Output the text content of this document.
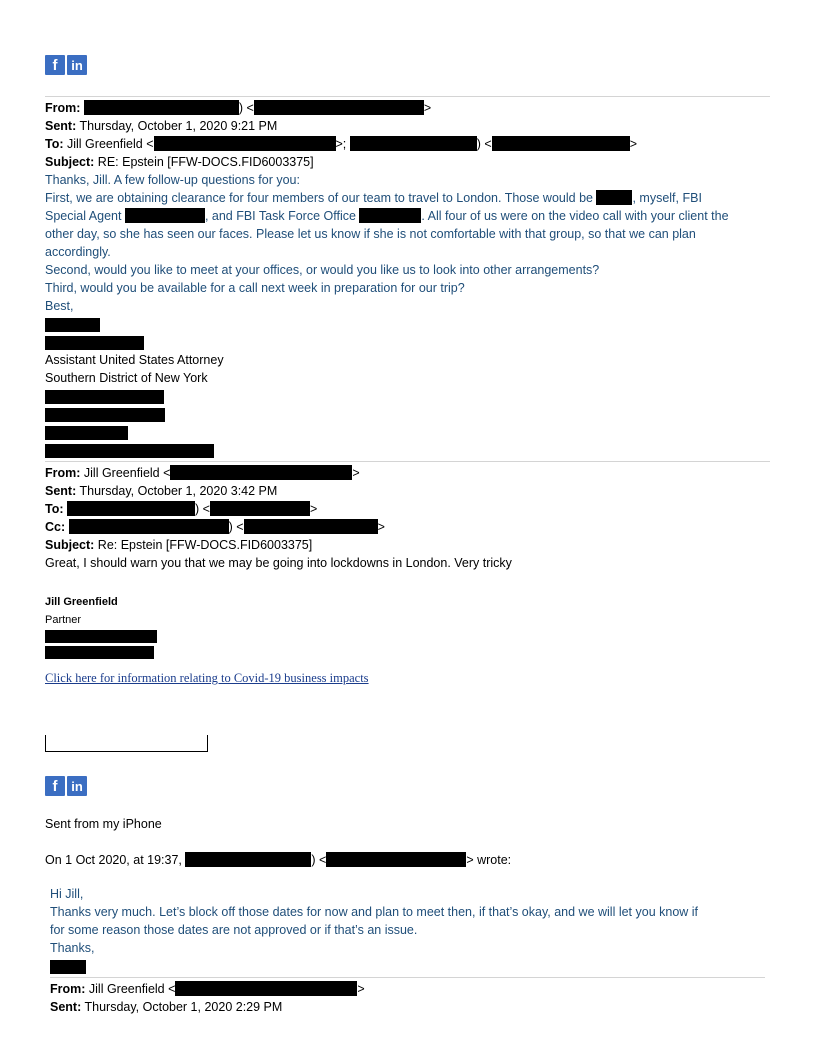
f	in
From:	) <	>
Sent: Thursday, October 1, 2020 9:21 PM
To: Jill Greenfield <	>;	) <	>
Subject: RE: Epstein [FFW-DOCS.FID6003375]
Thanks, Jill. A few follow-up questions for you:
First, we are obtaining clearance for four members of our team to travel to London. Those would be	, myself, FBI
Special Agent	, and FBI Task Force Office	. All four of us were on the video call with your client the
other day, so she has seen our faces. Please let us know if she is not comfortable with that group, so that we can plan
accordingly.
Second, would you like to meet at your offices, or would you like us to look into other arrangements?
Third, would you be available for a call next week in preparation for our trip?
Best,
Assistant United States Attorney
Southern District of New York
From: Jill Greenfield <	>
Sent: Thursday, October 1, 2020 3:42 PM
To:	) <	>
Cc:	) <	>
Subject: Re: Epstein [FFW-DOCS.FID6003375]
Great, I should warn you that we may be going into lockdowns in London. Very tricky
Jill Greenfield
Partner
Click here for information relating to Covid-19 business impacts
f	in
Sent from my iPhone
On 1 Oct 2020, at 19:37,	) <	> wrote:
Hi Jill,
Thanks very much. Let’s block off those dates for now and plan to meet then, if that’s okay, and we will let you know if
for some reason those dates are not approved or if that’s an issue.
Thanks,
From: Jill Greenfield <	>
Sent: Thursday, October 1, 2020 2:29 PM
